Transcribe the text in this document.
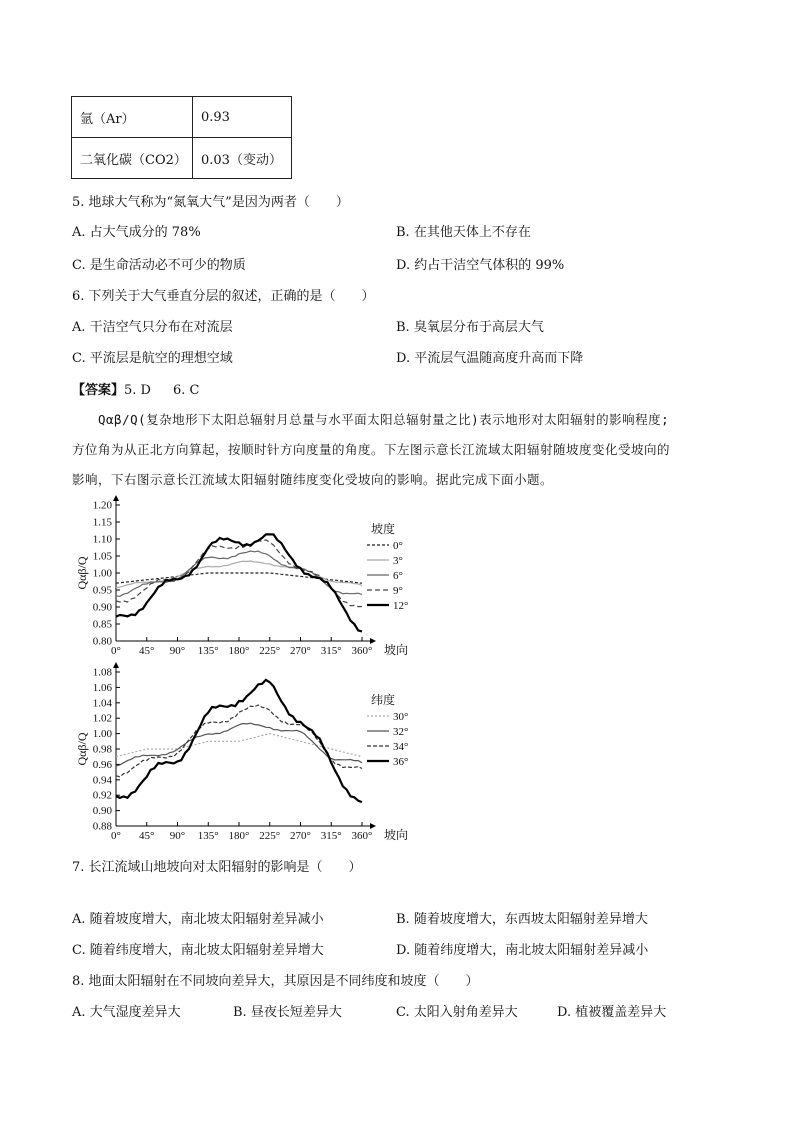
氩（Ar）	0.93
二氧化碳（CO2）	0.03（变动）
5. 地球大气称为“氮氧大气”是因为两者（　　）
A. 占大气成分的 78%	B. 在其他天体上不存在
C. 是生命活动必不可少的物质	D. 约占干洁空气体积的 99%
6. 下列关于大气垂直分层的叙述，正确的是（　　）
A. 干洁空气只分布在对流层	B. 臭氧层分布于高层大气
C. 平流层是航空的理想空域	D. 平流层气温随高度升高而下降
【答案】5. D 6. C
Qαβ/Q(复杂地形下太阳总辐射月总量与水平面太阳总辐射量之比)表示地形对太阳辐射的影响程度;
方位角为从正北方向算起，按顺时针方向度量的角度。下左图示意长江流域太阳辐射随坡度变化受坡向的
影响，下右图示意长江流域太阳辐射随纬度变化受坡向的影响。据此完成下面小题。
0.80
0.85
0.90
0.95
1.00
1.05
1.10
1.15
1.20
0° 45° 90° 135° 180° 225° 270° 315° 360° 坡向
Qαβ/Q
坡度
0°
3°
6°
9°
12°
0.88
0.90
0.92
0.94
0.96
0.98
1.00
1.02
1.04
1.06
1.08
0° 45° 90° 135° 180° 225° 270° 315° 360° 坡向
Qαβ/Q
纬度
30°
32°
34°
36°
7. 长江流域山地坡向对太阳辐射的影响是（　　）
A. 随着坡度增大，南北坡太阳辐射差异减小	B. 随着坡度增大，东西坡太阳辐射差异增大
C. 随着纬度增大，南北坡太阳辐射差异增大	D. 随着纬度增大，南北坡太阳辐射差异减小
8. 地面太阳辐射在不同坡向差异大，其原因是不同纬度和坡度（　　）
A. 大气湿度差异大	B. 昼夜长短差异大	C. 太阳入射角差异大	D. 植被覆盖差异大
